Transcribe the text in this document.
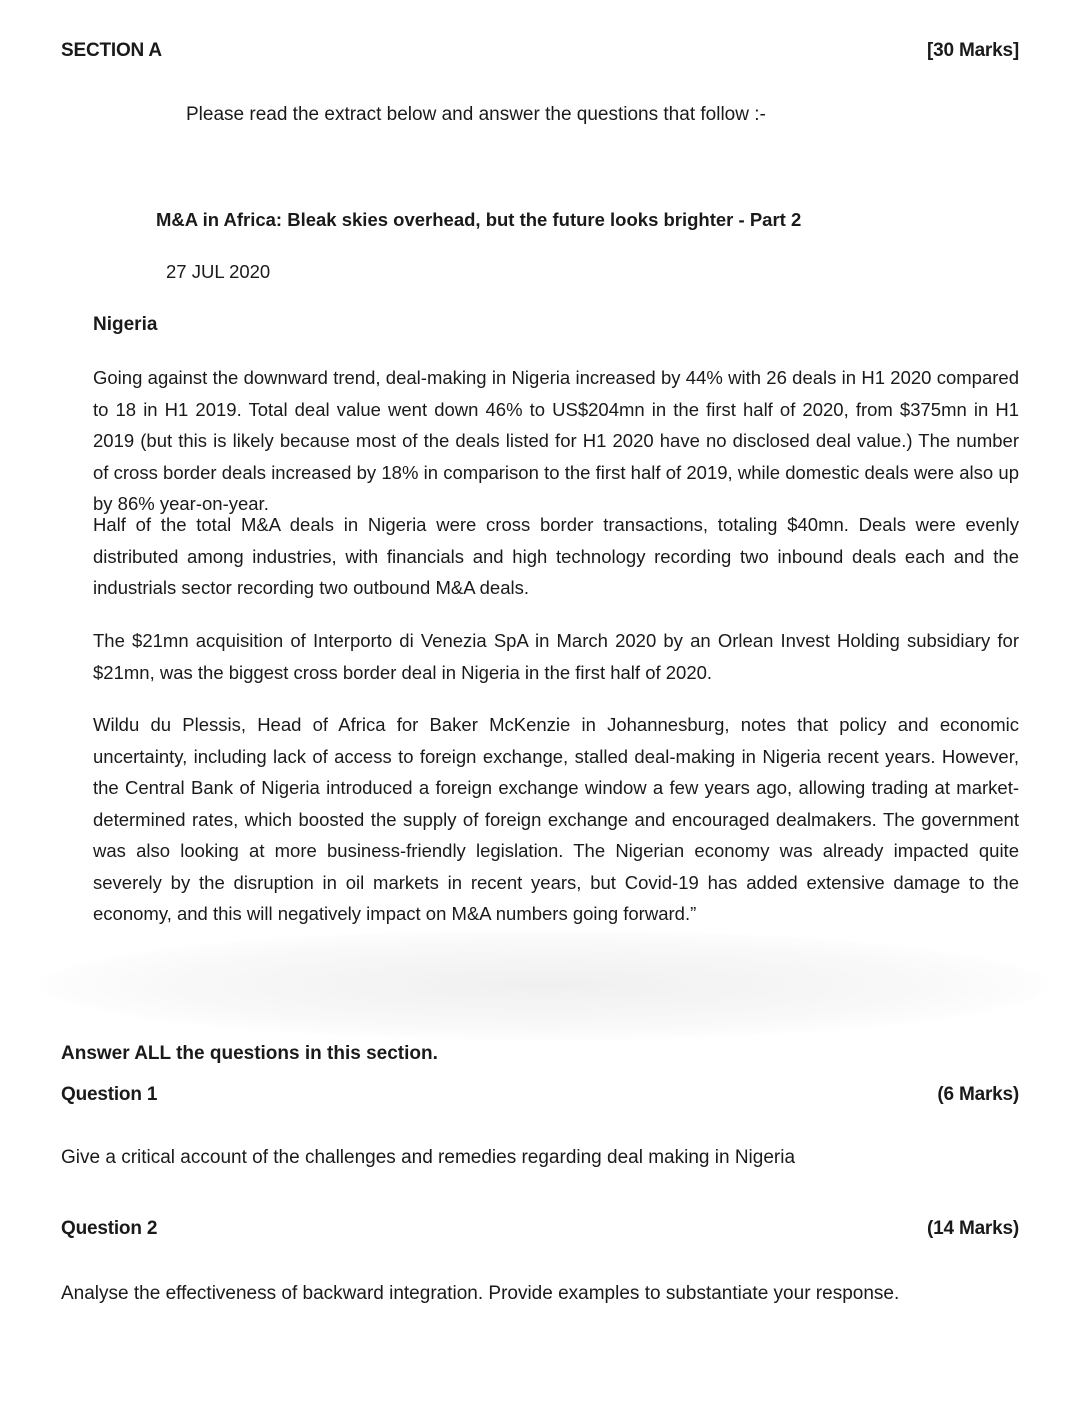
SECTION A	[30 Marks]
Please read the extract below and answer the questions that follow :-
M&A in Africa: Bleak skies overhead, but the future looks brighter - Part 2
27 JUL 2020
Nigeria

Going against the downward trend, deal-making in Nigeria increased by 44% with 26 deals in H1 2020 compared to 18 in H1 2019. Total deal value went down 46% to US$204mn in the first half of 2020, from $375mn in H1 2019 (but this is likely because most of the deals listed for H1 2020 have no disclosed deal value.) The number of cross border deals increased by 18% in comparison to the first half of 2019, while domestic deals were also up by 86% year-on-year.

Half of the total M&A deals in Nigeria were cross border transactions, totaling $40mn. Deals were evenly distributed among industries, with financials and high technology recording two inbound deals each and the industrials sector recording two outbound M&A deals.

The $21mn acquisition of Interporto di Venezia SpA in March 2020 by an Orlean Invest Holding subsidiary for $21mn, was the biggest cross border deal in Nigeria in the first half of 2020.

Wildu du Plessis, Head of Africa for Baker McKenzie in Johannesburg, notes that policy and economic uncertainty, including lack of access to foreign exchange, stalled deal-making in Nigeria recent years. However, the Central Bank of Nigeria introduced a foreign exchange window a few years ago, allowing trading at market-determined rates, which boosted the supply of foreign exchange and encouraged dealmakers. The government was also looking at more business-friendly legislation. The Nigerian economy was already impacted quite severely by the disruption in oil markets in recent years, but Covid-19 has added extensive damage to the economy, and this will negatively impact on M&A numbers going forward.”

Answer ALL the questions in this section.
Question 1	(6 Marks)
Give a critical account of the challenges and remedies regarding deal making in Nigeria
Question 2	(14 Marks)
Analyse the effectiveness of backward integration. Provide examples to substantiate your response.
